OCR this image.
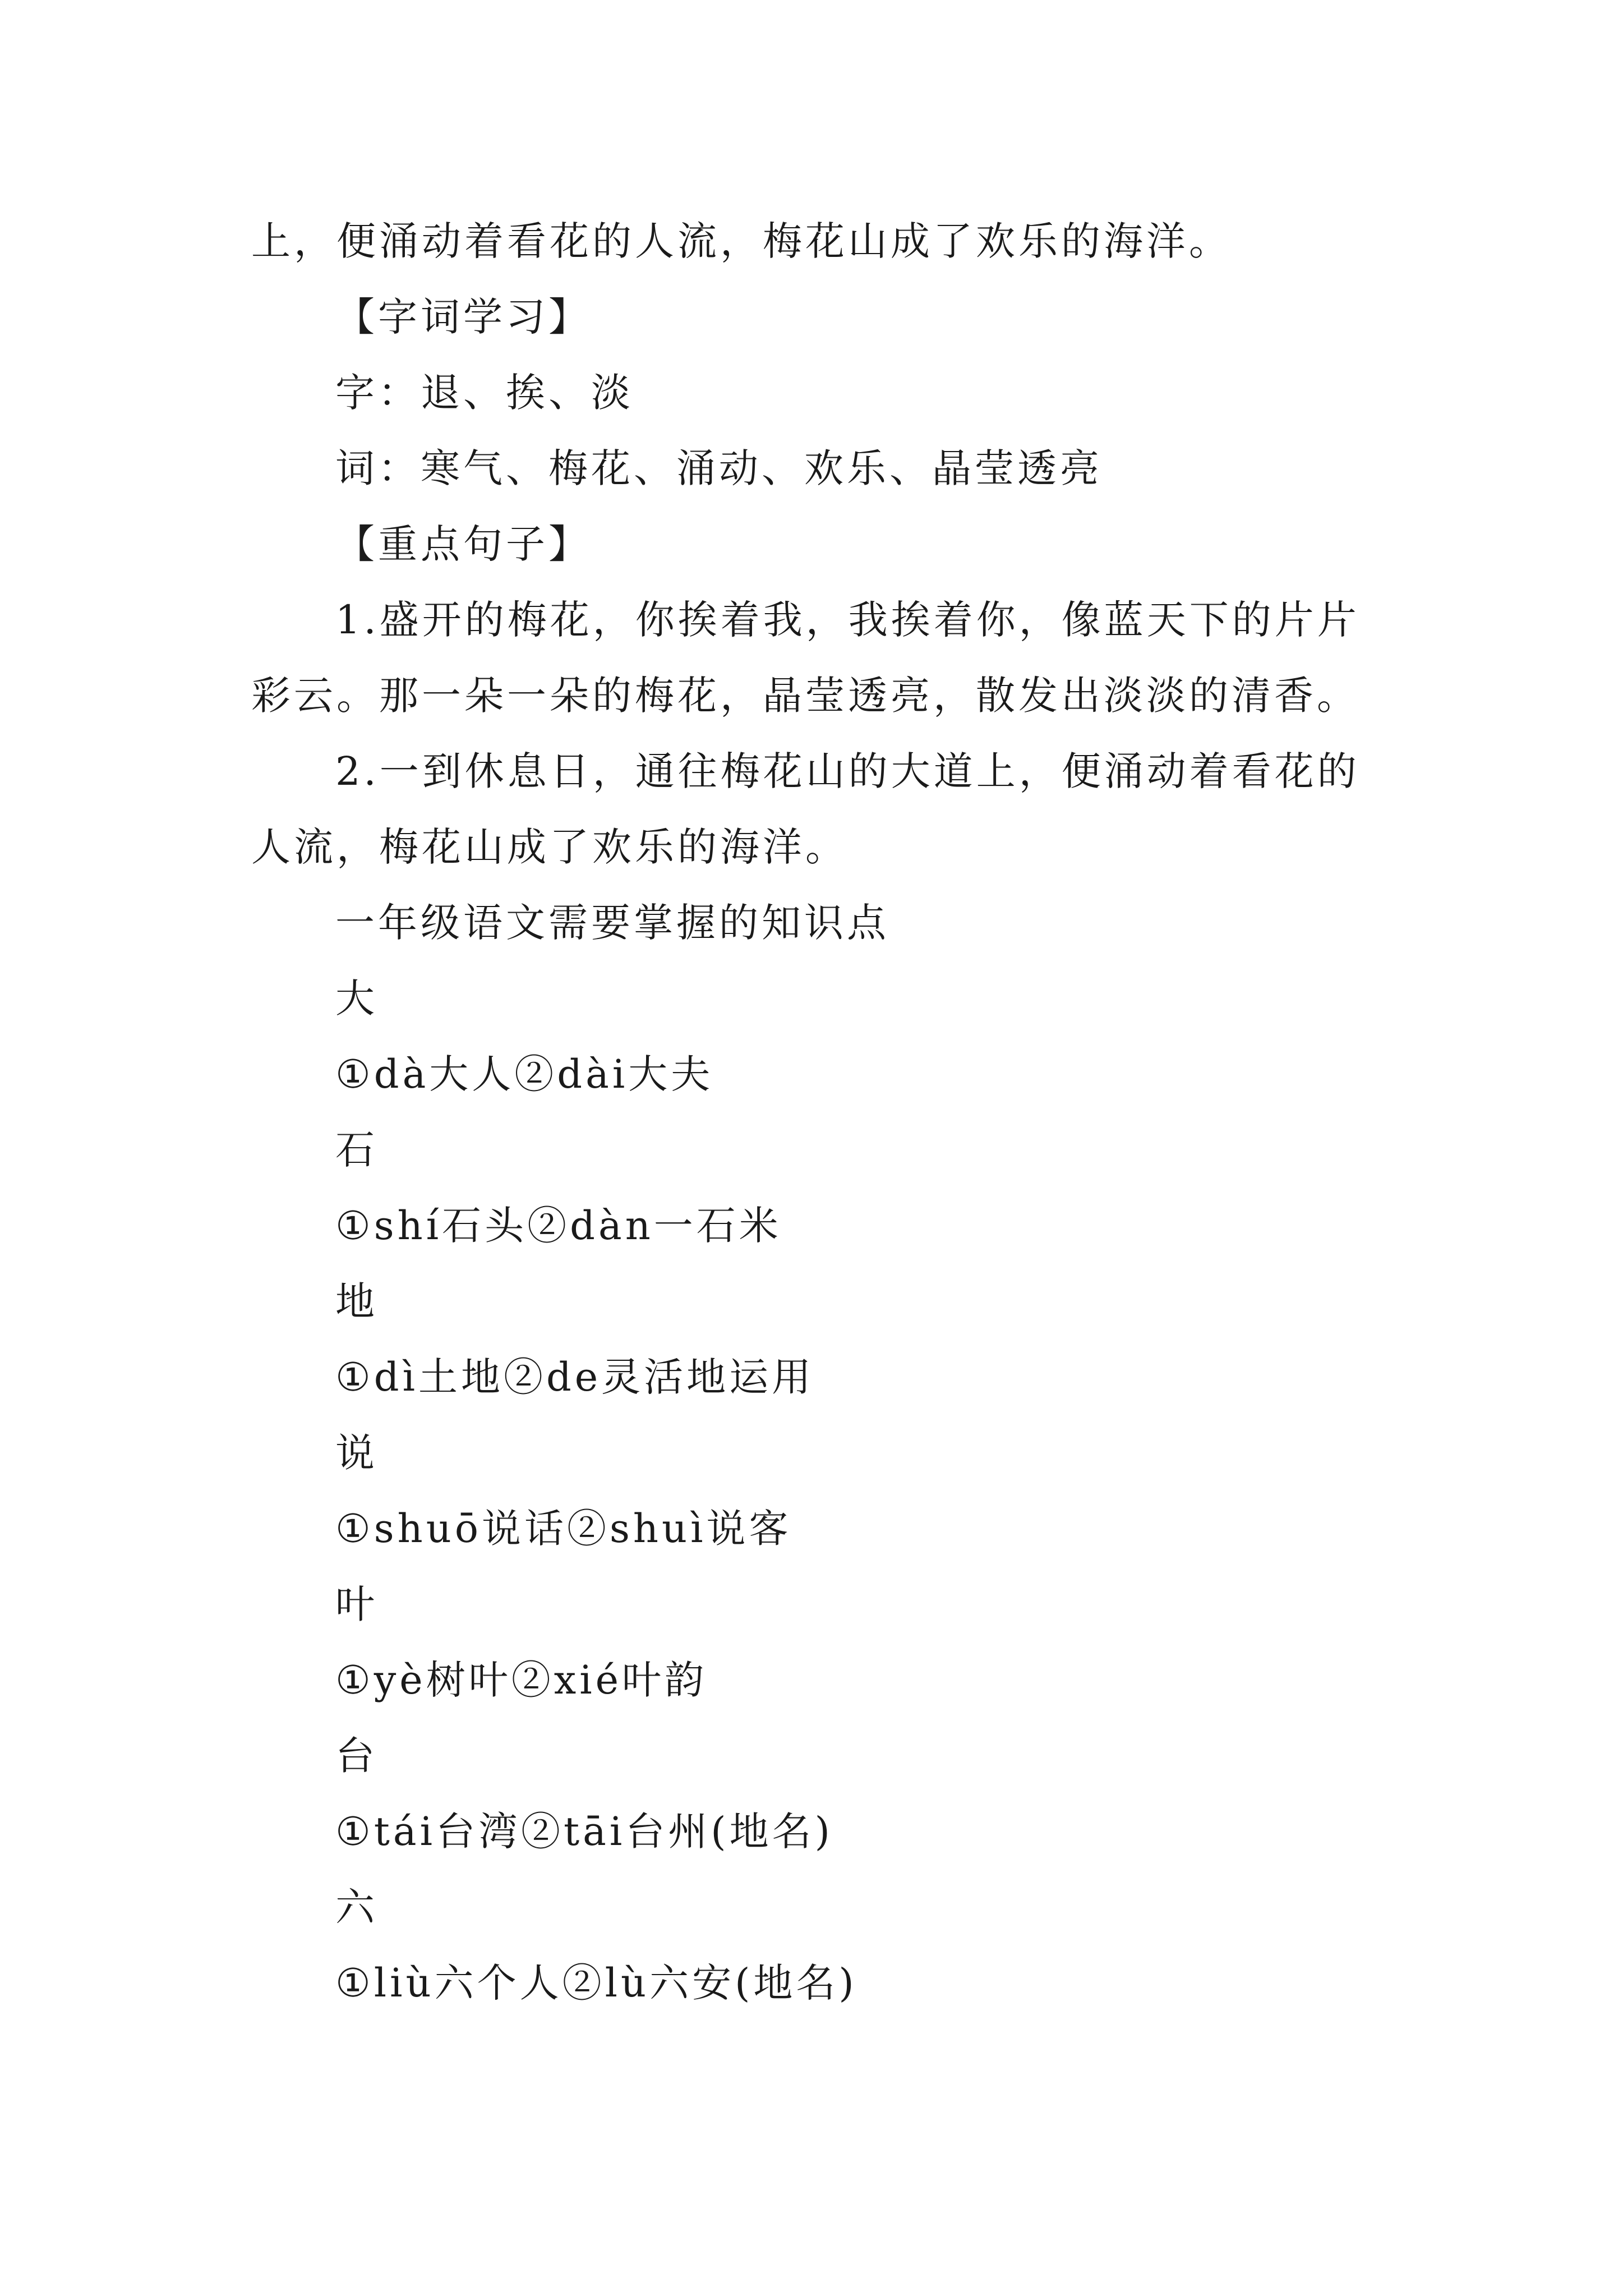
上，便涌动着看花的人流，梅花山成了欢乐的海洋。
【字词学习】
字：退、挨、淡
词：寒气、梅花、涌动、欢乐、晶莹透亮
【重点句子】
1.盛开的梅花，你挨着我，我挨着你，像蓝天下的片片
彩云。那一朵一朵的梅花，晶莹透亮，散发出淡淡的清香。
2.一到休息日，通往梅花山的大道上，便涌动着看花的
人流，梅花山成了欢乐的海洋。
一年级语文需要掌握的知识点
大
①dà大人②dài大夫
石
①shí石头②dàn一石米
地
①dì土地②de灵活地运用
说
①shuō说话②shuì说客
叶
①yè树叶②xié叶韵
台
①tái台湾②tāi台州(地名)
六
①liù六个人②lù六安(地名)
